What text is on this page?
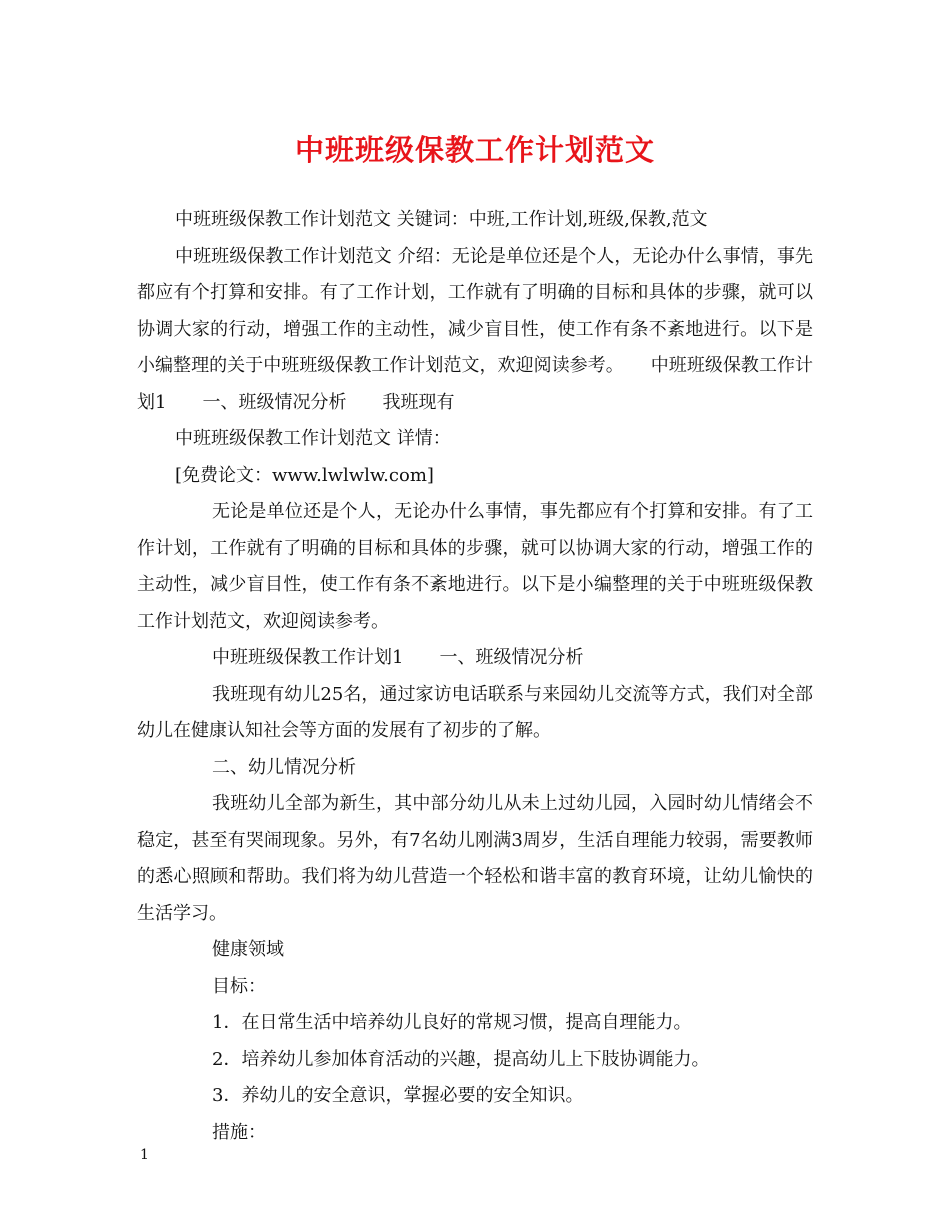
中班班级保教工作计划范文

中班班级保教工作计划范文 关键词：中班,工作计划,班级,保教,范文

中班班级保教工作计划范文 介绍：无论是单位还是个人，无论办什么事情，事先都应有个打算和安排。有了工作计划，工作就有了明确的目标和具体的步骤，就可以协调大家的行动，增强工作的主动性，减少盲目性，使工作有条不紊地进行。以下是小编整理的关于中班班级保教工作计划范文，欢迎阅读参考。　　中班班级保教工作计划1　　一、班级情况分析　　我班现有

中班班级保教工作计划范文 详情：

[免费论文：www.lwlwlw.com]

无论是单位还是个人，无论办什么事情，事先都应有个打算和安排。有了工作计划，工作就有了明确的目标和具体的步骤，就可以协调大家的行动，增强工作的主动性，减少盲目性，使工作有条不紊地进行。以下是小编整理的关于中班班级保教工作计划范文，欢迎阅读参考。

中班班级保教工作计划1　　一、班级情况分析

我班现有幼儿25名，通过家访电话联系与来园幼儿交流等方式，我们对全部幼儿在健康认知社会等方面的发展有了初步的了解。

二、幼儿情况分析

我班幼儿全部为新生，其中部分幼儿从未上过幼儿园，入园时幼儿情绪会不稳定，甚至有哭闹现象。另外，有7名幼儿刚满3周岁，生活自理能力较弱，需要教师的悉心照顾和帮助。我们将为幼儿营造一个轻松和谐丰富的教育环境，让幼儿愉快的生活学习。

健康领域

目标：

1．在日常生活中培养幼儿良好的常规习惯，提高自理能力。

2．培养幼儿参加体育活动的兴趣，提高幼儿上下肢协调能力。

3．养幼儿的安全意识，掌握必要的安全知识。

措施：

1
